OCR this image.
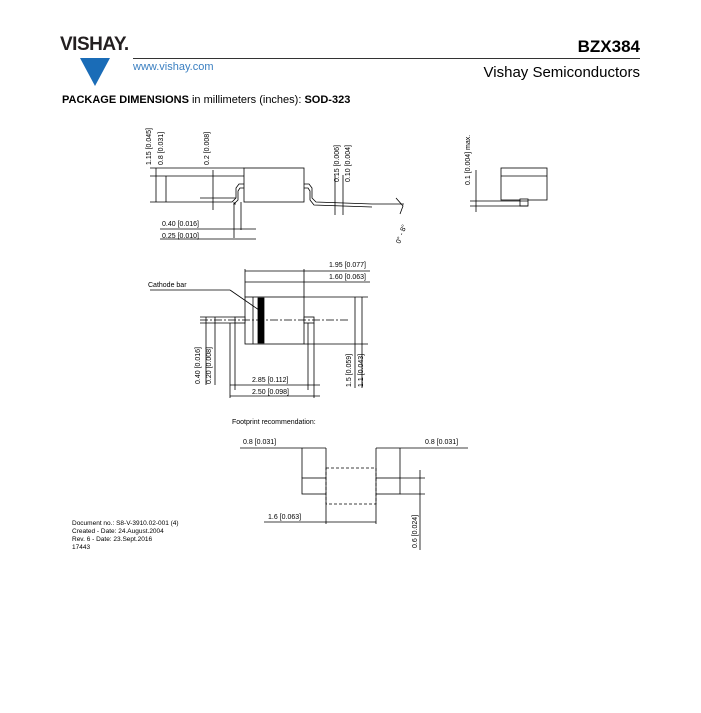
VISHAY.
www.vishay.com
BZX384
Vishay Semiconductors
PACKAGE DIMENSIONS in millimeters (inches): SOD-323
1.15 [0.045] 0.8 [0.031]	0.2 [0.008]	0.15 [0.006] 0.10 [0.004]
0.40 [0.016]
0.25 [0.010]	0° - 8°
0.1 [0.004] max.
Cathode bar
1.95 [0.077]
1.60 [0.063]
0.40 [0.016] 0.20 [0.008]	1.5 [0.059] 1.1 [0.043]
2.85 [0.112]
2.50 [0.098]
Footprint recommendation:
0.8 [0.031]	0.8 [0.031]
1.6 [0.063]	0.6 [0.024]
Document no.: S8-V-3910.02-001 (4)
Created - Date: 24.August.2004
Rev. 6 - Date: 23.Sept.2016
17443
